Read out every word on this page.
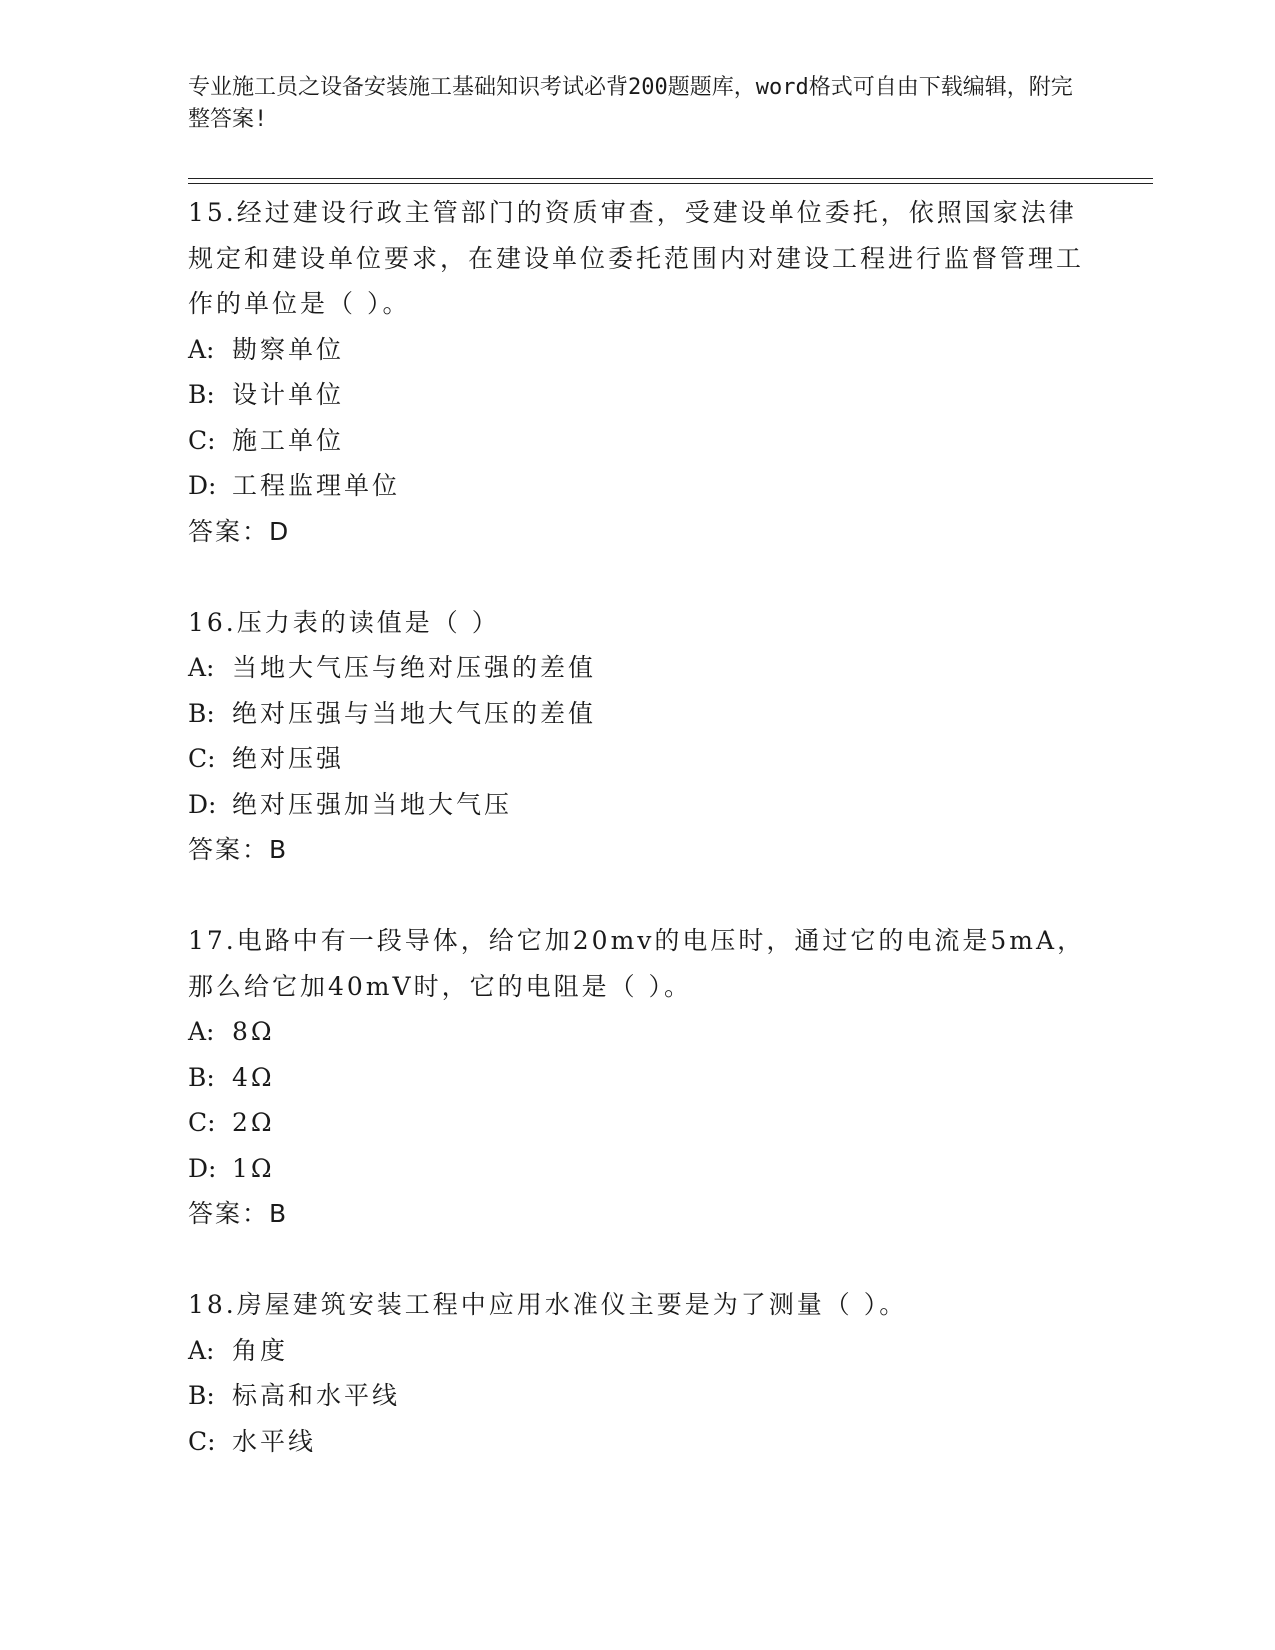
专业施工员之设备安装施工基础知识考试必背200题题库，word格式可自由下载编辑，附完整答案!

15.经过建设行政主管部门的资质审查，受建设单位委托，依照国家法律规定和建设单位要求，在建设单位委托范围内对建设工程进行监督管理工作的单位是（ ）。

A: 勘察单位

B: 设计单位

C: 施工单位

D: 工程监理单位

答案：D

16.压力表的读值是（ ）

A: 当地大气压与绝对压强的差值

B: 绝对压强与当地大气压的差值

C: 绝对压强

D: 绝对压强加当地大气压

答案：B

17.电路中有一段导体，给它加20mv的电压时，通过它的电流是5mA，那么给它加40mV时，它的电阻是（ ）。

A: 8Ω

B: 4Ω

C: 2Ω

D: 1Ω

答案：B

18.房屋建筑安装工程中应用水准仪主要是为了测量（ ）。

A: 角度

B: 标高和水平线

C: 水平线
